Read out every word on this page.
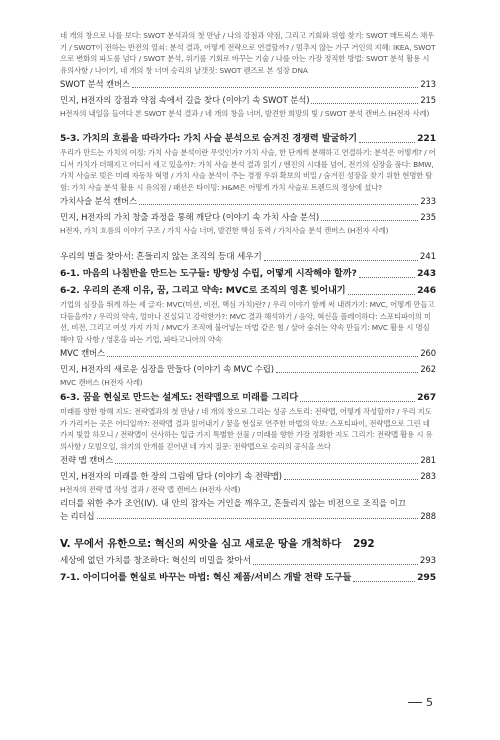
네 개의 창으로 나를 보다: SWOT 분석과의 첫 만남 / 나의 강점과 약점, 그리고 기회와 위협 찾기: SWOT 매트릭스 채우기 / SWOT이 전하는 반전의 열쇠: 분석 결과, 어떻게 전략으로 연결할까? / 멈추지 않는 가구 거인의 지혜: IKEA, SWOT으로 변화의 파도를 넘다 / SWOT 분석, 위기를 기회로 바꾸는 기술 / 나를 아는 가장 정직한 방법: SWOT 분석 활용 시 유의사항 / 나이키, 네 개의 창 너머 승리의 날갯짓: SWOT 렌즈로 본 성장 DNA

SWOT 분석 캔버스	213
민지, H전자의 강점과 약점 속에서 길을 찾다 (이야기 속 SWOT 분석)	215

H전자의 내일을 들여다 본 SWOT 분석 결과 / 네 개의 창을 너머, 발견한 희망의 빛 / SWOT 분석 캔버스 (H전자 사례)

5-3. 가치의 흐름을 따라가다: 가치 사슬 분석으로 숨겨진 경쟁력 발굴하기	221

우리가 만드는 가치의 여정: 가치 사슬 분석이란 무엇인가? 가치 사슬, 한 단계씩 분해하고 연결하기: 분석은 어떻게? / 어디서 가치가 더해지고 어디서 새고 있을까?: 가치 사슬 분석 결과 읽기 / 엔진의 시대를 넘어, 전기의 심장을 품다: BMW, 가치 사슬로 빚은 미래 자동차 혁명 / 가치 사슬 분석이 주는 경쟁 우위 확보의 비밀 / 숨겨진 성장을 찾기 위한 현명한 탐험: 가치 사슬 분석 활용 시 유의점 / 패션은 타이밍: H&M은 어떻게 가치 사슬로 트렌드의 정상에 섰나?

가치사슬 분석 캔버스	233
민지, H전자의 가치 창출 과정을 통해 깨닫다 (이야기 속 가치 사슬 분석)	235

H전자, 가치 흐름의 이야기 구조 / 가치 사슬 너머, 발견한 핵심 동력 / 가치사슬 분석 캔버스 (H전자 사례)

우리의 별을 찾아서: 흔들리지 않는 조직의 등대 세우기	241
6-1. 마음의 나침반을 만드는 도구들: 방향성 수립, 어떻게 시작해야 할까?	243
6-2. 우리의 존재 이유, 꿈, 그리고 약속: MVC로 조직의 영혼 빚어내기	246

기업의 심장을 뛰게 하는 세 글자: MVC(미션, 비전, 핵심 가치)란? / 우리 이야기 함께 써 내려가기: MVC, 어떻게 만들고 다듬을까? / 우리의 약속, 얼마나 진실되고 강력한가?: MVC 결과 해석하기 / 음악, 혁신을 플레이하다: 스포티파이의 미션, 비전, 그리고 여섯 가지 가치 / MVC가 조직에 불어넣는 마법 같은 힘 / 살아 숨쉬는 약속 만들기: MVC 활용 시 명심해야 할 사항 / 영혼을 파는 기업, 파타고니아의 약속

MVC 캔버스	260
민지, H전자의 새로운 심장을 만들다 (이야기 속 MVC 수립)	262

MVC 캔버스 (H전자 사례)

6-3. 꿈을 현실로 만드는 설계도: 전략맵으로 미래를 그리다	267

미래를 향한 항해 지도: 전략맵과의 첫 만남 / 네 개의 창으로 그리는 성공 스토리: 전략맵, 어떻게 작성할까? / 우리 지도가 가리키는 곳은 어디일까?: 전략맵 결과 읽어내기 / 꿈을 현실로 연주한 마법의 악보: 스포티파이, 전략맵으로 그린 네 가지 빛깔 하모니 / 전략맵이 선사하는 입급 가지 특별한 선물 / 미래를 향한 가장 정확한 지도 그리기: 전략맵 활용 시 유의사항 / 모빌오일, 위기의 안개를 걷어낸 네 가지 질문: 전략맵으로 승리의 공식을 쓰다

전략 맵 캔버스	281
민지, H전자의 미래를 한 장의 그림에 담다 (이야기 속 전략맵)	283

H전자의 전략 맵 작성 결과 / 전략 맵 캔버스 (H전자 사례)

리더를 위한 추가 조언(IV). 내 안의 잠자는 거인을 깨우고, 흔들리지 않는 비전으로 조직을 이끄
는 리더십	288
V. 무에서 유한으로: 혁신의 씨앗을 심고 새로운 땅을 개척하다 292
세상에 없던 가치를 창조하다: 혁신의 비밀을 찾아서	293
7-1. 아이디어를 현실로 바꾸는 마법: 혁신 제품/서비스 개발 전략 도구들	295
5
